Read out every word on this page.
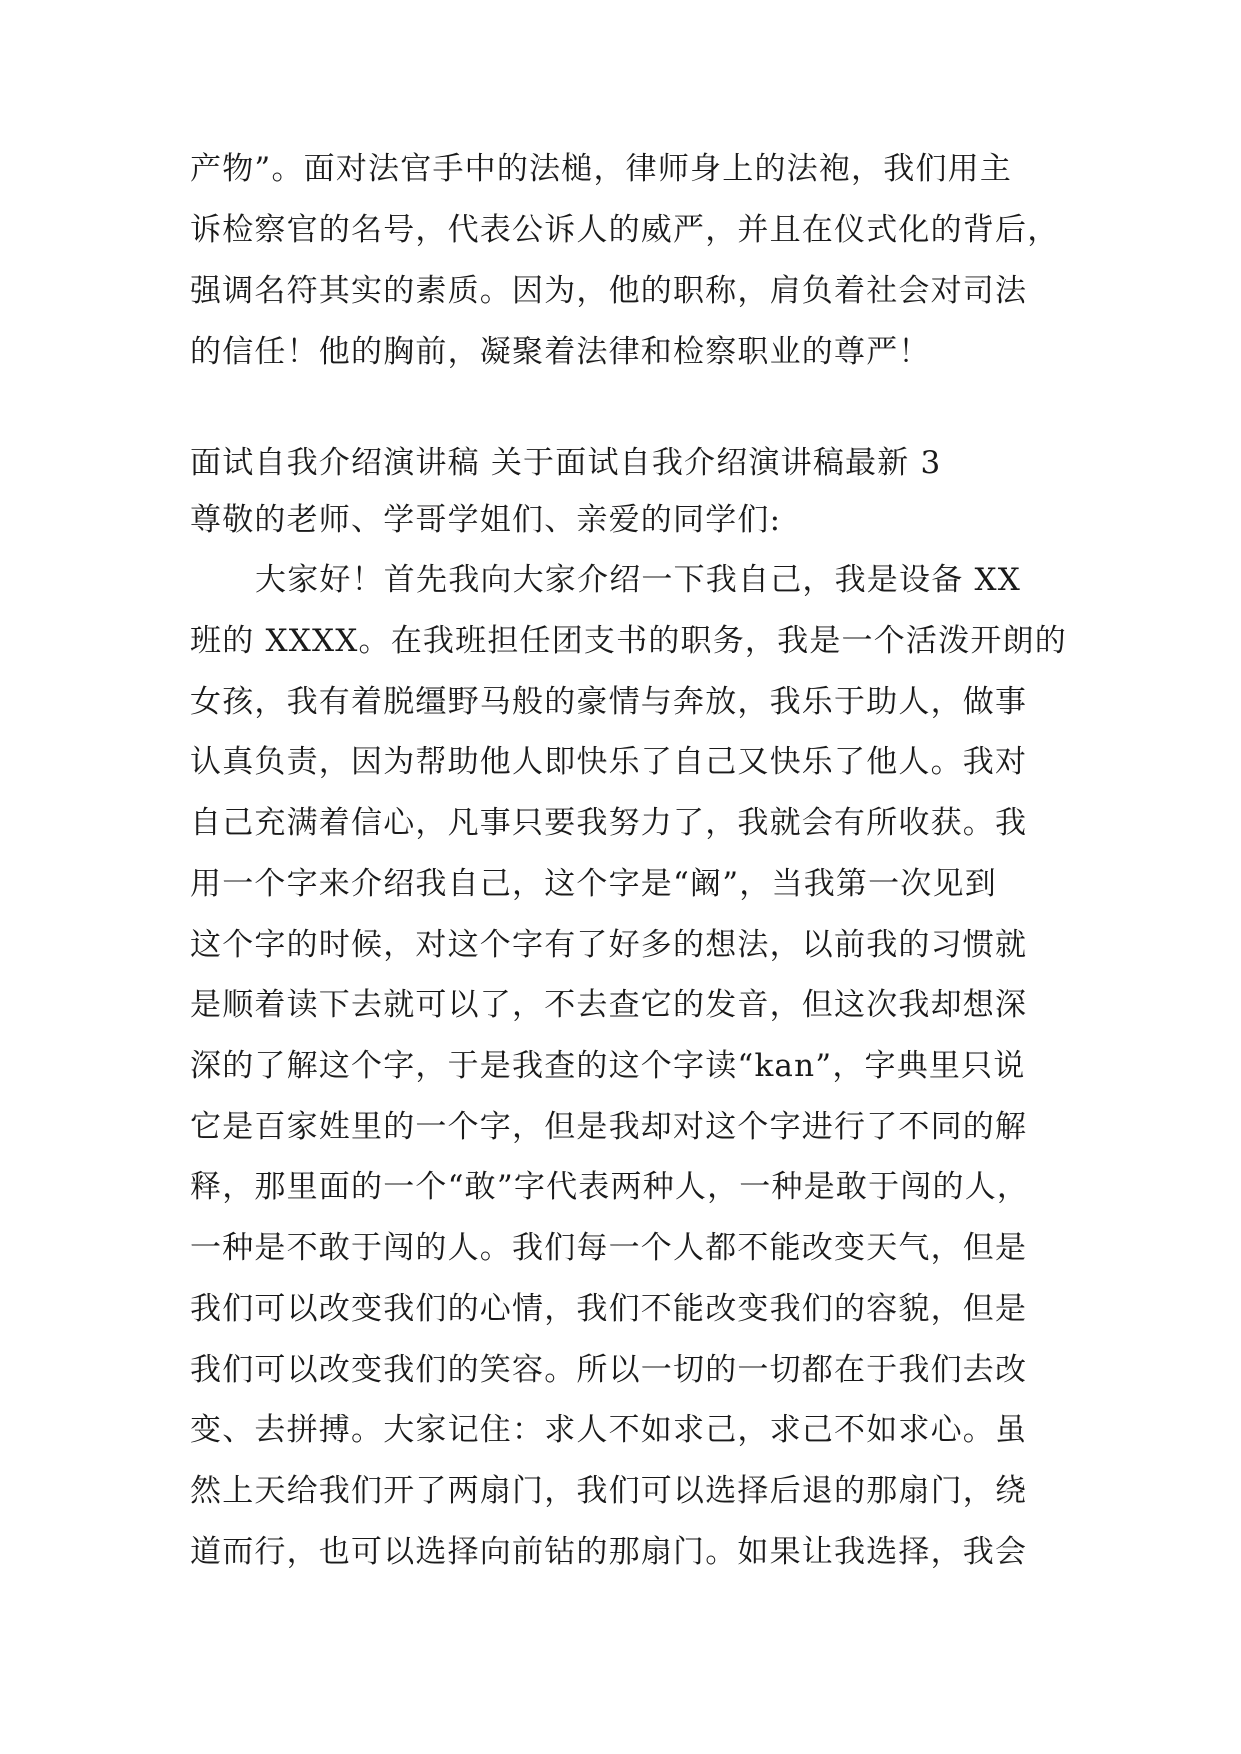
产物”。面对法官手中的法槌，律师身上的法袍，我们用主
诉检察官的名号，代表公诉人的威严，并且在仪式化的背后，
强调名符其实的素质。因为，他的职称，肩负着社会对司法
的信任！他的胸前，凝聚着法律和检察职业的尊严！
面试自我介绍演讲稿 关于面试自我介绍演讲稿最新 3
尊敬的老师、学哥学姐们、亲爱的同学们:
大家好！首先我向大家介绍一下我自己，我是设备 XX
班的 XXXX。在我班担任团支书的职务，我是一个活泼开朗的
女孩，我有着脱缰野马般的豪情与奔放，我乐于助人，做事
认真负责，因为帮助他人即快乐了自己又快乐了他人。我对
自己充满着信心，凡事只要我努力了，我就会有所收获。我
用一个字来介绍我自己，这个字是“阚”，当我第一次见到
这个字的时候，对这个字有了好多的想法，以前我的习惯就
是顺着读下去就可以了，不去查它的发音，但这次我却想深
深的了解这个字，于是我查的这个字读“kan”，字典里只说
它是百家姓里的一个字，但是我却对这个字进行了不同的解
释，那里面的一个“敢”字代表两种人，一种是敢于闯的人，
一种是不敢于闯的人。我们每一个人都不能改变天气，但是
我们可以改变我们的心情，我们不能改变我们的容貌，但是
我们可以改变我们的笑容。所以一切的一切都在于我们去改
变、去拼搏。大家记住：求人不如求己，求己不如求心。虽
然上天给我们开了两扇门，我们可以选择后退的那扇门，绕
道而行，也可以选择向前钻的那扇门。如果让我选择，我会
